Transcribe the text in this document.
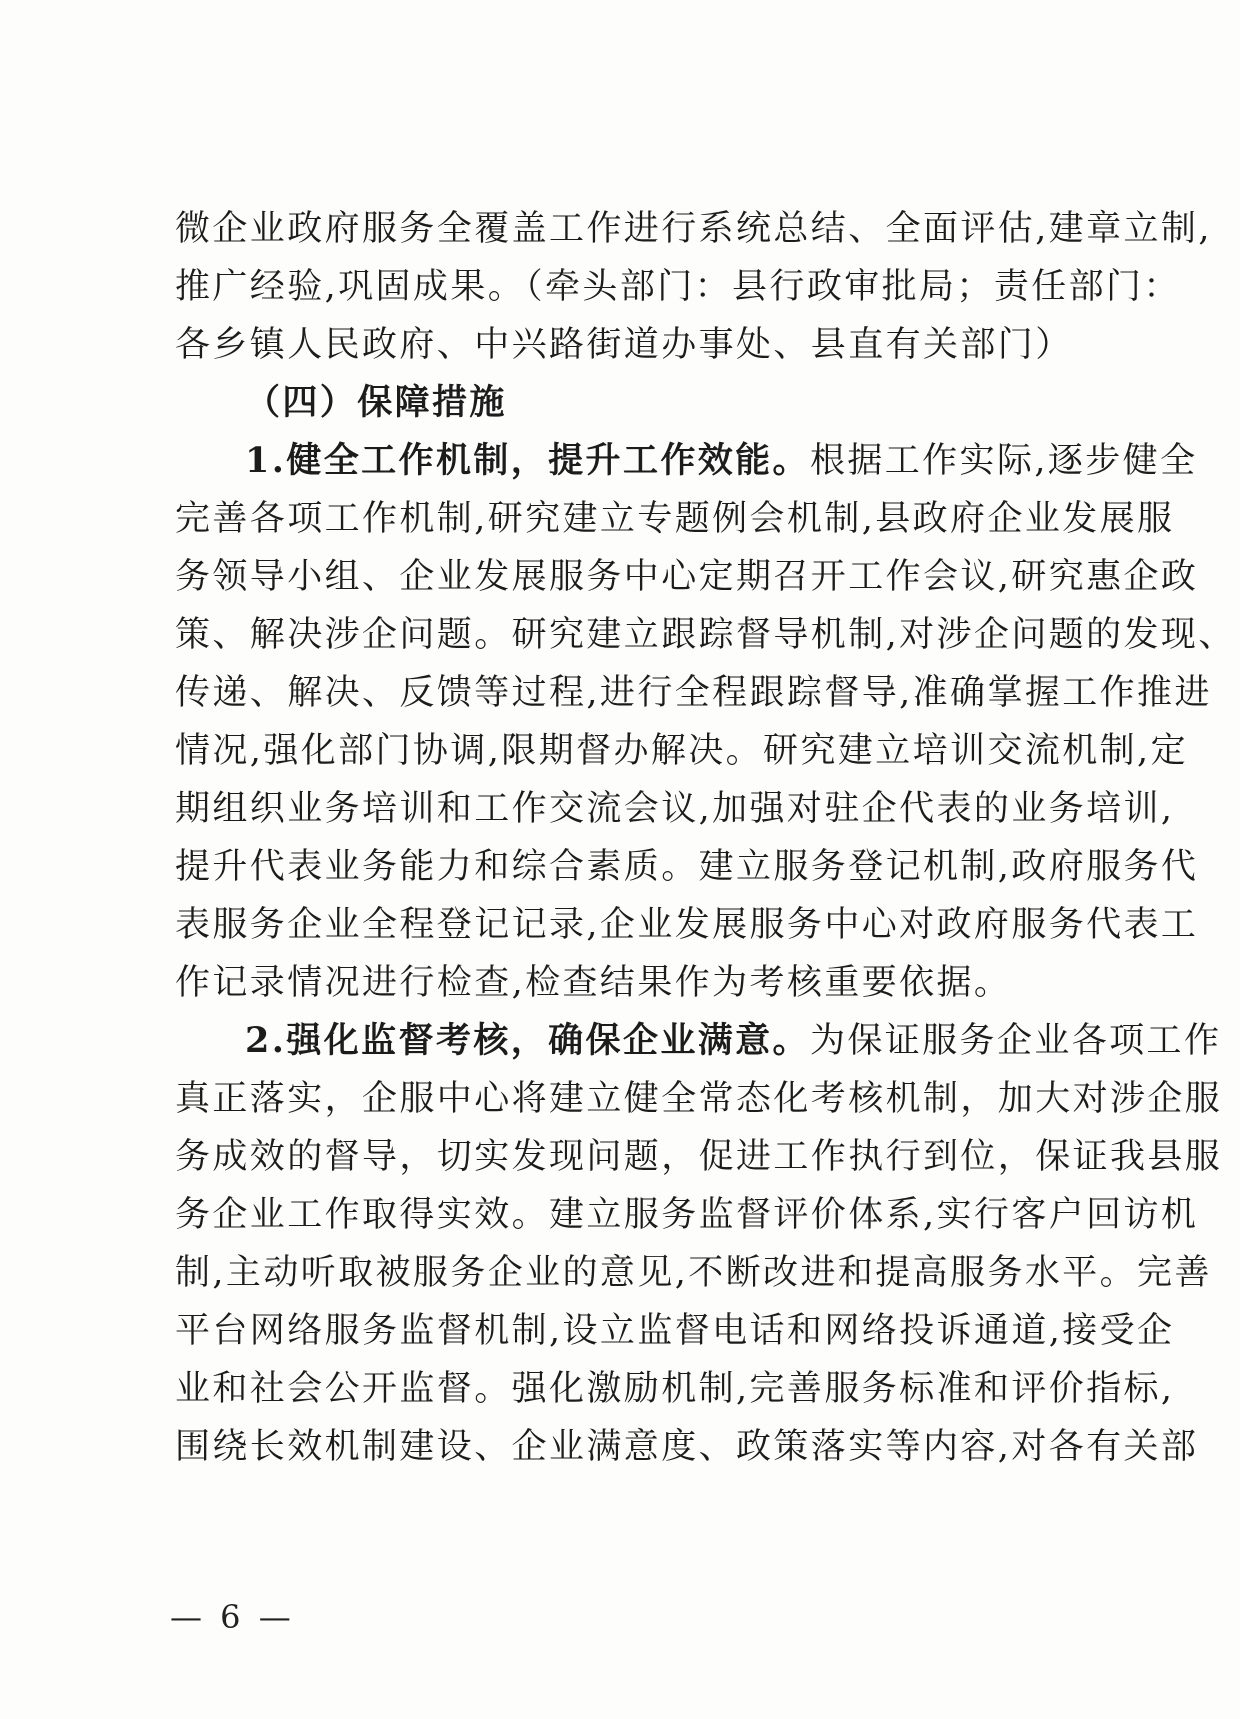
微企业政府服务全覆盖工作进行系统总结、全面评估,建章立制,
推广经验,巩固成果。（牵头部门：县行政审批局；责任部门：
各乡镇人民政府、中兴路街道办事处、县直有关部门）
（四）保障措施
1.健全工作机制，提升工作效能。根据工作实际,逐步健全
完善各项工作机制,研究建立专题例会机制,县政府企业发展服
务领导小组、企业发展服务中心定期召开工作会议,研究惠企政
策、解决涉企问题。研究建立跟踪督导机制,对涉企问题的发现、
传递、解决、反馈等过程,进行全程跟踪督导,准确掌握工作推进
情况,强化部门协调,限期督办解决。研究建立培训交流机制,定
期组织业务培训和工作交流会议,加强对驻企代表的业务培训,
提升代表业务能力和综合素质。建立服务登记机制,政府服务代
表服务企业全程登记记录,企业发展服务中心对政府服务代表工
作记录情况进行检查,检查结果作为考核重要依据。
2.强化监督考核，确保企业满意。为保证服务企业各项工作
真正落实，企服中心将建立健全常态化考核机制，加大对涉企服
务成效的督导，切实发现问题，促进工作执行到位，保证我县服
务企业工作取得实效。建立服务监督评价体系,实行客户回访机
制,主动听取被服务企业的意见,不断改进和提高服务水平。完善
平台网络服务监督机制,设立监督电话和网络投诉通道,接受企
业和社会公开监督。强化激励机制,完善服务标准和评价指标,
围绕长效机制建设、企业满意度、政策落实等内容,对各有关部
— 6 —
